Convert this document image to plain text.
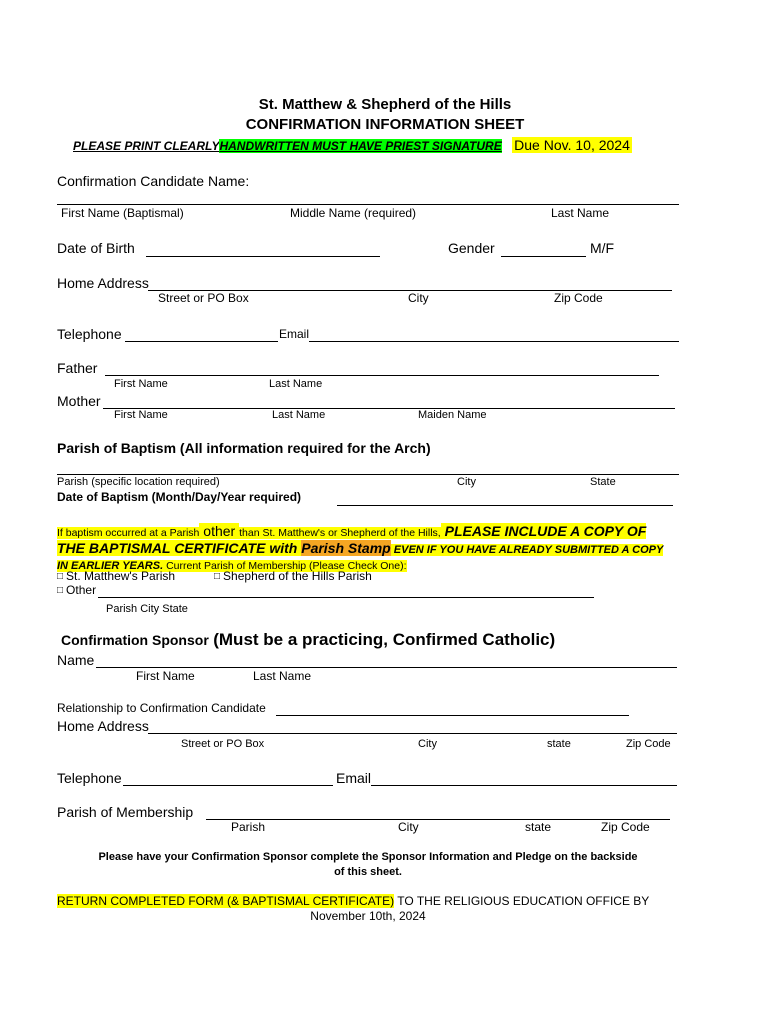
St. Matthew & Shepherd of the Hills
CONFIRMATION INFORMATION SHEET
PLEASE PRINT CLEARLYHANDWRITTEN MUST HAVE PRIEST SIGNATURE Due Nov. 10, 2024
Confirmation Candidate Name:
First Name (Baptismal)	Middle Name (required)	Last Name
Date of Birth	Gender	M/F
Home Address
Street or PO Box	City	Zip Code
Telephone	Email
Father
First Name	Last Name
Mother
First Name	Last Name	Maiden Name
Parish of Baptism (All information required for the Arch)
Parish (specific location required)	City	State
Date of Baptism (Month/Day/Year required)
If baptism occurred at a Parish other than St. Matthew's or Shepherd of the Hills, PLEASE INCLUDE A COPY OF
THE BAPTISMAL CERTIFICATE with Parish Stamp EVEN IF YOU HAVE ALREADY SUBMITTED A COPY
IN EARLIER YEARS. Current Parish of Membership (Please Check One):
□ St. Matthew's Parish	□ Shepherd of the Hills Parish
□ Other
Parish City State
Confirmation Sponsor (Must be a practicing, Confirmed Catholic)
Name
First Name	Last Name
Relationship to Confirmation Candidate
Home Address
Street or PO Box	City	state	Zip Code
Telephone	Email
Parish of Membership
Parish	City	state	Zip Code
Please have your Confirmation Sponsor complete the Sponsor Information and Pledge on the backside
of this sheet.
RETURN COMPLETED FORM (& BAPTISMAL CERTIFICATE) TO THE RELIGIOUS EDUCATION OFFICE BY
November 10th, 2024
